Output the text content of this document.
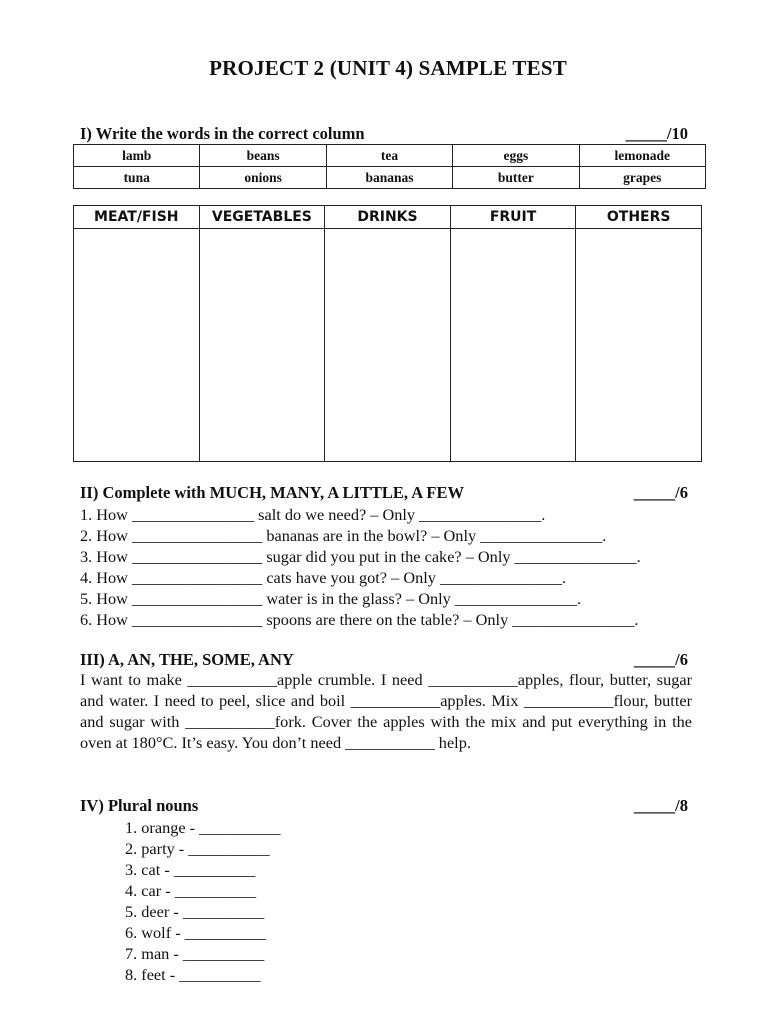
PROJECT 2 (UNIT 4) SAMPLE TEST
I) Write the words in the correct column	_____/10
lamb	beans	tea	eggs	lemonade
tuna	onions	bananas	butter	grapes
MEAT/FISH	VEGETABLES	DRINKS	FRUIT	OTHERS

II) Complete with MUCH, MANY, A LITTLE, A FEW	_____/6
1. How _______________ salt do we need? – Only _______________.
2. How ________________ bananas are in the bowl? – Only _______________.
3. How ________________ sugar did you put in the cake? – Only _______________.
4. How ________________ cats have you got? – Only _______________.
5. How ________________ water is in the glass? – Only _______________.
6. How ________________ spoons are there on the table? – Only _______________.
III) A, AN, THE, SOME, ANY	_____/6
I want to make ___________apple crumble. I need ___________apples, flour, butter, sugar and water. I need to peel, slice and boil ___________apples. Mix ___________flour, butter and sugar with ___________fork. Cover the apples with the mix and put everything in the oven at 180°C. It’s easy. You don’t need ___________ help.
IV) Plural nouns	_____/8
1. orange - __________
2. party - __________
3. cat - __________
4. car - __________
5. deer - __________
6. wolf - __________
7. man - __________
8. feet - __________
